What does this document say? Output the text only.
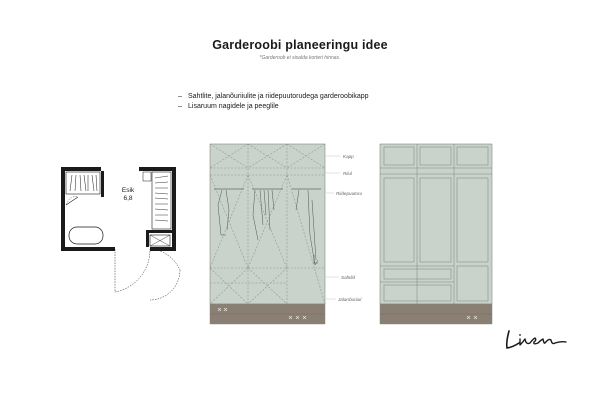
Garderoobi planeeringu idee
*Garderoob ei sisalda korteri hinnas.
– Sahtlite, jalanõuriiulite ja riidepuutorudega garderoobikapp
– Lisaruum nagidele ja peeglile
Esik
6,8
Kapp
Riiul
Riidepuutoru
Sahtlid
Jalanõuriiul
